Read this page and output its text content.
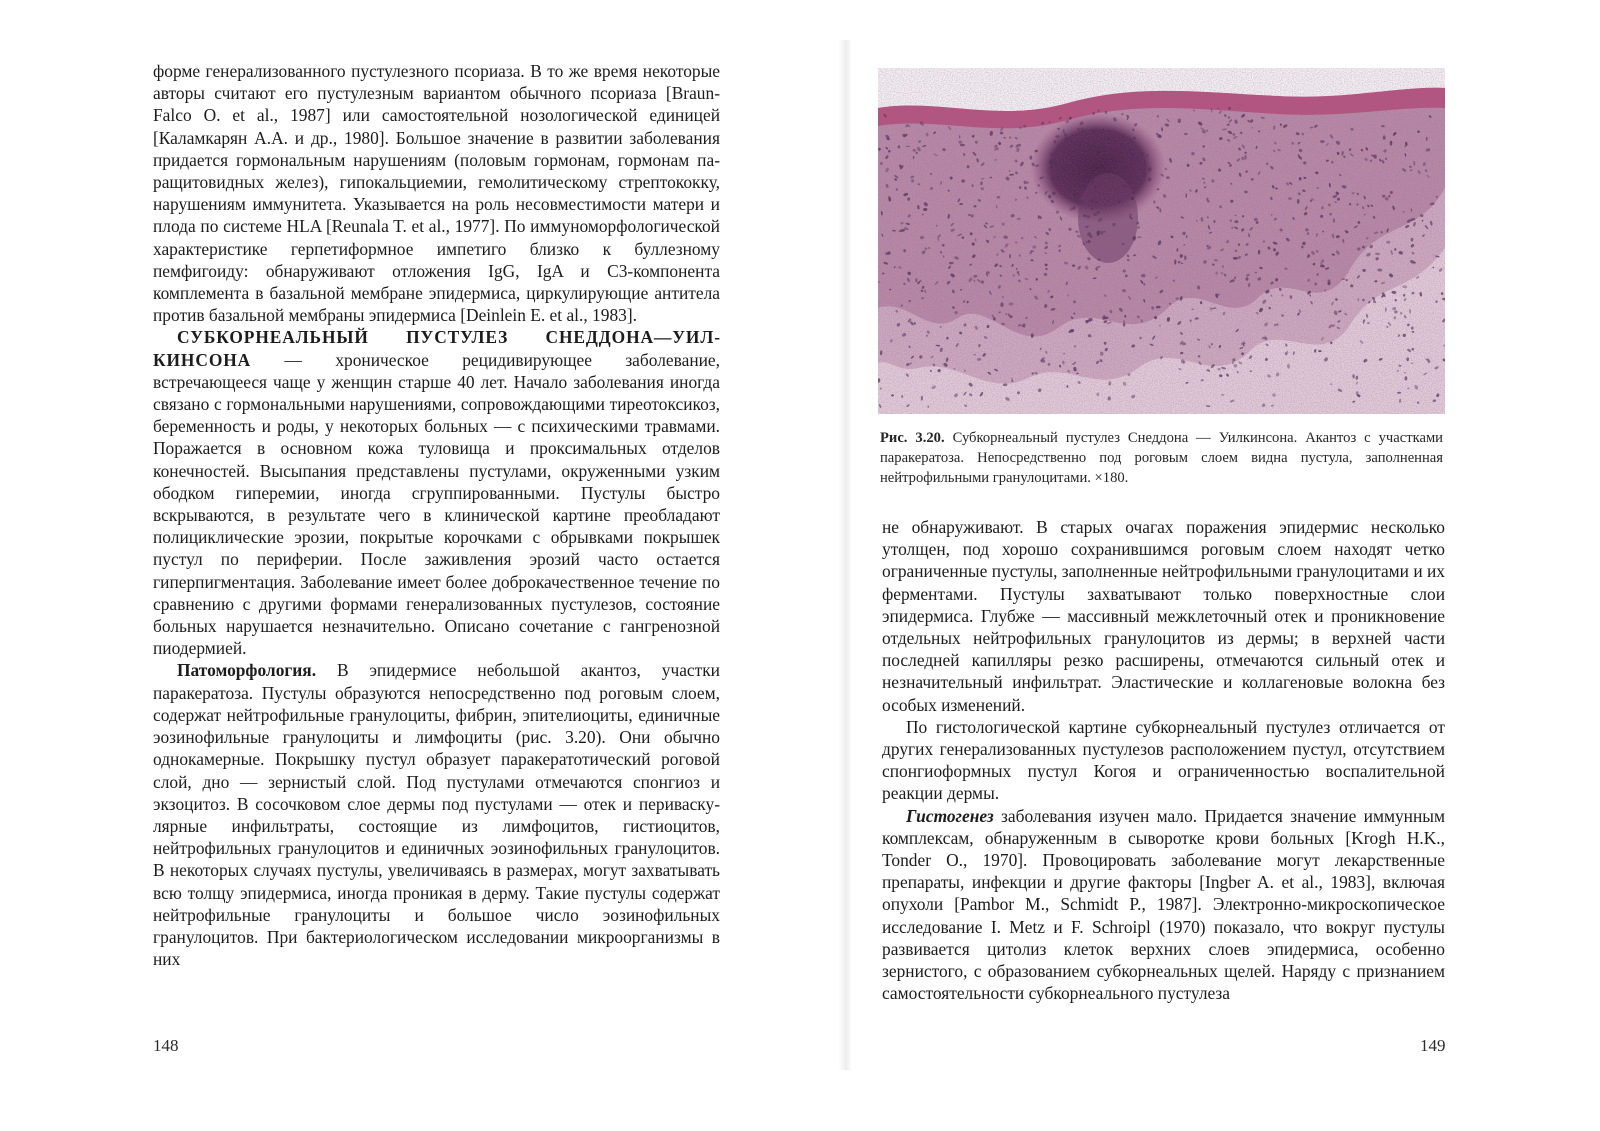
форме генерализованного пустулезного псориаза. В то же время некоторые авторы считают его пустулезным вариантом обычного псориаза [Braun-Falco O. et al., 1987] или самостоятельной нозологической единицей [Каламкарян А.А. и др., 1980]. Большое значение в развитии заболевания придается гормональным нарушениям (половым гормонам, гормонам паращитовидных желез), гипокальциемии, гемолитическому стрептококку, нарушениям иммунитета. Указывается на роль несовместимости матери и плода по системе HLA [Reunala T. et al., 1977]. По иммуноморфологической характеристике герпетиформное импетиго близко к буллезному пемфигоиду: обнаруживают отложения IgG, IgA и С3-компонента комплемента в базальной мембране эпидермиса, циркулирующие антитела против базальной мембраны эпидермиса [Deinlein E. et al., 1983].

СУБКОРНЕАЛЬНЫЙ ПУСТУЛЕЗ СНЕДДОНА—УИЛКИНСОНА — хроническое рецидивирующее заболевание, встречающееся чаще у женщин старше 40 лет. Начало заболевания иногда связано с гормональными нарушениями, сопровождающими тиреотоксикоз, беременность и роды, у некоторых больных — с психическими травмами. Поражается в основном кожа туловища и проксимальных отделов конечностей. Высыпания представлены пустулами, окруженными узким ободком гиперемии, иногда сгруппированными. Пустулы быстро вскрываются, в результате чего в клинической картине преобладают полициклические эрозии, покрытые корочками с обрывками покрышек пустул по периферии. После заживления эрозий часто остается гиперпигментация. Заболевание имеет более доброкачественное течение по сравнению с другими формами генерализованных пустулезов, состояние больных нарушается незначительно. Описано сочетание с гангренозной пиодермией.

Патоморфология. В эпидермисе небольшой акантоз, участки паракератоза. Пустулы образуются непосредственно под роговым слоем, содержат нейтрофильные гранулоциты, фибрин, эпителиоциты, единичные эозинофильные гранулоциты и лимфоциты (рис. 3.20). Они обычно однокамерные. Покрышку пустул образует паракератотический роговой слой, дно — зернистый слой. Под пустулами отмечаются спонгиоз и экзоцитоз. В сосочковом слое дермы под пустулами — отек и периваскулярные инфильтраты, состоящие из лимфоцитов, гистиоцитов, нейтрофильных гранулоцитов и единичных эозинофильных гранулоцитов. В некоторых случаях пустулы, увеличиваясь в размерах, могут захватывать всю толщу эпидермиса, иногда проникая в дерму. Такие пустулы содержат нейтрофильные гранулоциты и большое число эозинофильных гранулоцитов. При бактериологическом исследовании микроорганизмы в них

148
Рис. 3.20. Субкорнеальный пустулез Снеддона — Уилкинсона. Акантоз с участками паракератоза. Непосредственно под роговым слоем видна пустула, заполненная нейтрофильными гранулоцитами. ×180.

не обнаруживают. В старых очагах поражения эпидермис несколько утолщен, под хорошо сохранившимся роговым слоем находят четко ограниченные пустулы, заполненные нейтрофильными гранулоцитами и их ферментами. Пустулы захватывают только поверхностные слои эпидермиса. Глубже — массивный межклеточный отек и проникновение отдельных нейтрофильных гранулоцитов из дермы; в верхней части последней капилляры резко расширены, отмечаются сильный отек и незначительный инфильтрат. Эластические и коллагеновые волокна без особых изменений.

По гистологической картине субкорнеальный пустулез отличается от других генерализованных пустулезов расположением пустул, отсутствием спонгиоформных пустул Когоя и ограниченностью воспалительной реакции дермы.

Гистогенез заболевания изучен мало. Придается значение иммунным комплексам, обнаруженным в сыворотке крови больных [Krogh H.K., Tonder O., 1970]. Провоцировать заболевание могут лекарственные препараты, инфекции и другие факторы [Ingber A. et al., 1983], включая опухоли [Pambor M., Schmidt P., 1987]. Электронно-микроскопическое исследование I. Metz и F. Schroipl (1970) показало, что вокруг пустулы развивается цитолиз клеток верхних слоев эпидермиса, особенно зернистого, с образованием субкорнеальных щелей. Наряду с признанием самостоятельности субкорнеального пустулеза

149
